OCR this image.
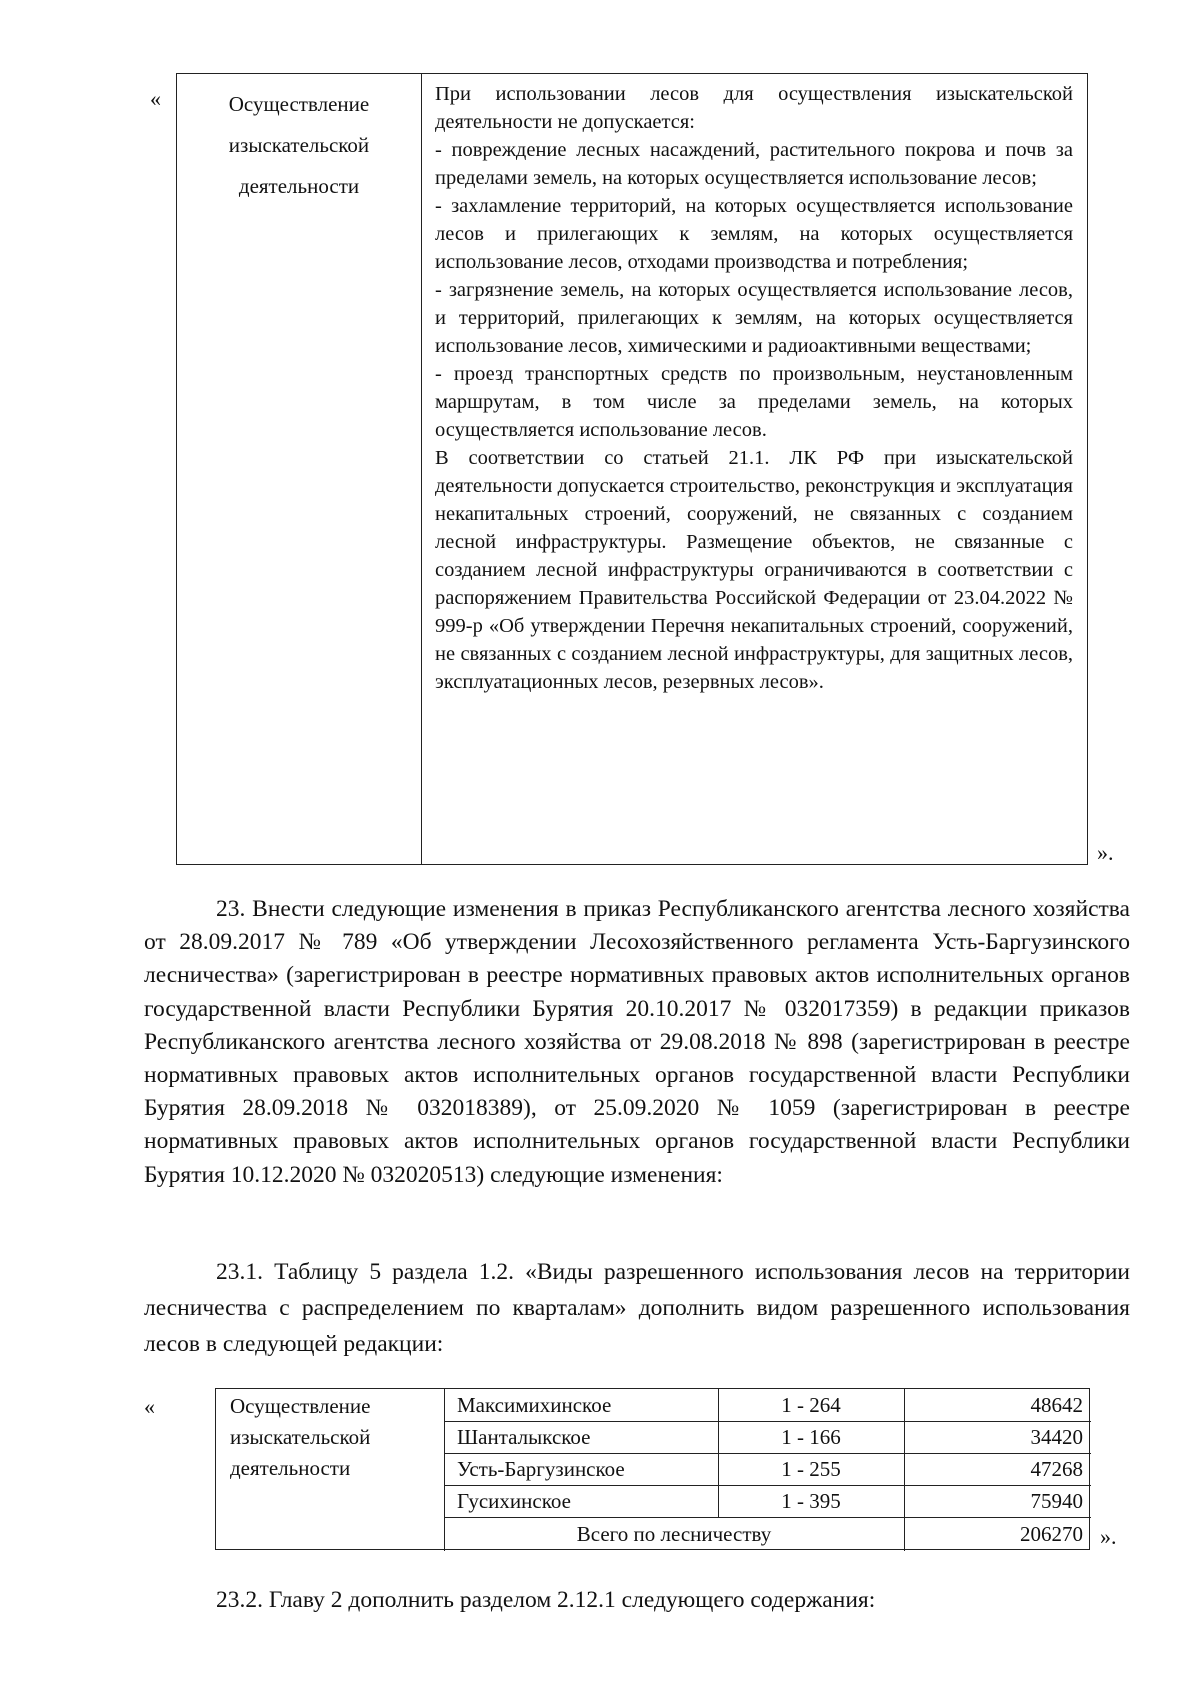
«	Осуществление
изыскательской
деятельности

При использовании лесов для осуществления изыскательской деятельности не допускается:

- повреждение лесных насаждений, растительного покрова и почв за пределами земель, на которых осуществляется использование лесов;

- захламление территорий, на которых осуществляется использование лесов и прилегающих к землям, на которых осуществляется использование лесов, отходами производства и потребления;

- загрязнение земель, на которых осуществляется использование лесов, и территорий, прилегающих к землям, на которых осуществляется использование лесов, химическими и радиоактивными веществами;

- проезд транспортных средств по произвольным, неустановленным маршрутам, в том числе за пределами земель, на которых осуществляется использование лесов.

В соответствии со статьей 21.1. ЛК РФ при изыскательской деятельности допускается строительство, реконструкция и эксплуатация некапитальных строений, сооружений, не связанных с созданием лесной инфраструктуры. Размещение объектов, не связанные с созданием лесной инфраструктуры ограничиваются в соответствии с распоряжением Правительства Российской Федерации от 23.04.2022 № 999-р «Об утверждении Перечня некапитальных строений, сооружений, не связанных с созданием лесной инфраструктуры, для защитных лесов, эксплуатационных лесов, резервных лесов».

».

23. Внести следующие изменения в приказ Республиканского агентства лесного хозяйства от 28.09.2017 № 789 «Об утверждении Лесохозяйственного регламента Усть-Баргузинского лесничества» (зарегистрирован в реестре нормативных правовых актов исполнительных органов государственной власти Республики Бурятия 20.10.2017 № 032017359) в редакции приказов Республиканского агентства лесного хозяйства от 29.08.2018 № 898 (зарегистрирован в реестре нормативных правовых актов исполнительных органов государственной власти Республики Бурятия 28.09.2018 № 032018389), от 25.09.2020 № 1059 (зарегистрирован в реестре нормативных правовых актов исполнительных органов государственной власти Республики Бурятия 10.12.2020 № 032020513) следующие изменения:

23.1. Таблицу 5 раздела 1.2. «Виды разрешенного использования лесов на территории лесничества с распределением по кварталам» дополнить видом разрешенного использования лесов в следующей редакции:

«	Осуществление
изыскательской
деятельности
Максимихинское	1 - 264	48642
Шанталыкское	1 - 166	34420
Усть-Баргузинское	1 - 255	47268
Гусихинское	1 - 395	75940
Всего по лесничеству	206270 ».
23.2. Главу 2 дополнить разделом 2.12.1 следующего содержания:
